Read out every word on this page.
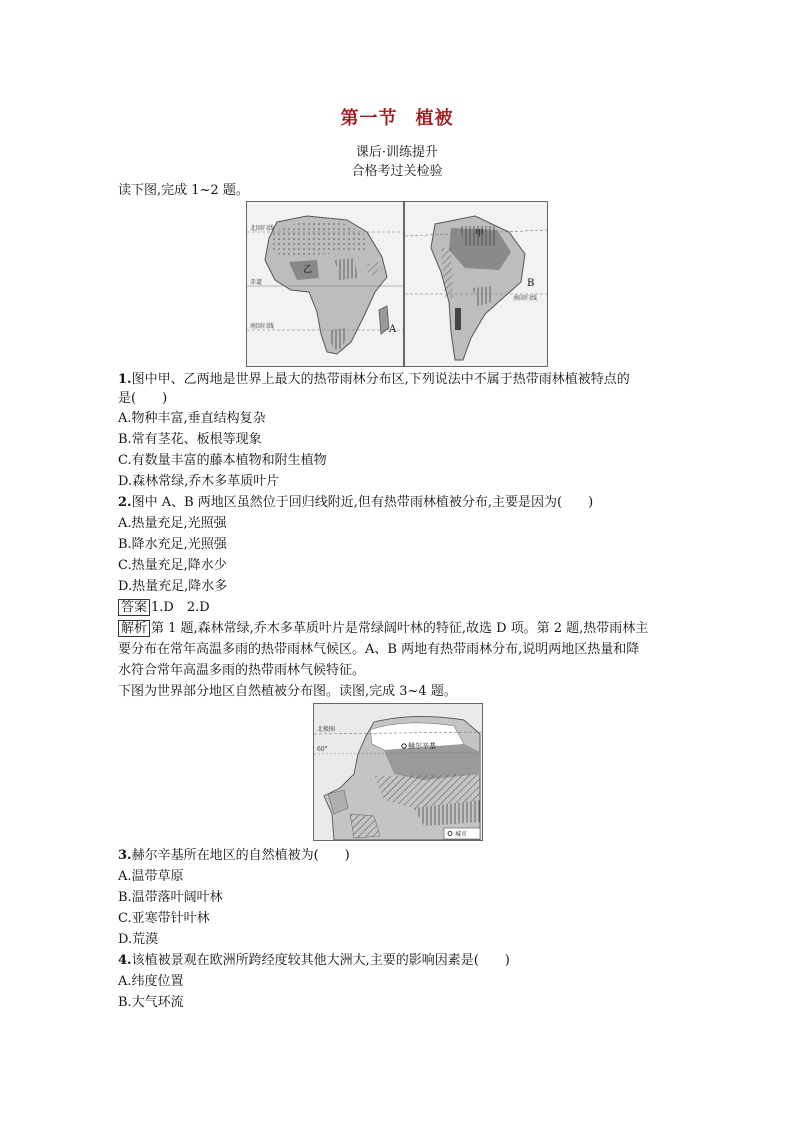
第一节 植被
课后·训练提升
合格考过关检验
读下图,完成 1~2 题。
北回归线
赤道
南回归线	A
乙
甲
B
南回归线
1.图中甲、乙两地是世界上最大的热带雨林分布区,下列说法中不属于热带雨林植被特点的
是(　　)
A.物种丰富,垂直结构复杂
B.常有茎花、板根等现象
C.有数量丰富的藤本植物和附生植物
D.森林常绿,乔木多革质叶片
2.图中 A、B 两地区虽然位于回归线附近,但有热带雨林植被分布,主要是因为(　　)
A.热量充足,光照强
B.降水充足,光照强
C.热量充足,降水少
D.热量充足,降水多
答案 1.D　2.D
解析 第 1 题,森林常绿,乔木多革质叶片是常绿阔叶林的特征,故选 D 项。第 2 题,热带雨林主
要分布在常年高温多雨的热带雨林气候区。A、B 两地有热带雨林分布,说明两地区热量和降
水符合常年高温多雨的热带雨林气候特征。
下图为世界部分地区自然植被分布图。读图,完成 3~4 题。
北极圈
60°	赫尔辛基
城市
3.赫尔辛基所在地区的自然植被为(　　)
A.温带草原
B.温带落叶阔叶林
C.亚寒带针叶林
D.荒漠
4.该植被景观在欧洲所跨经度较其他大洲大,主要的影响因素是(　　)
A.纬度位置
B.大气环流
